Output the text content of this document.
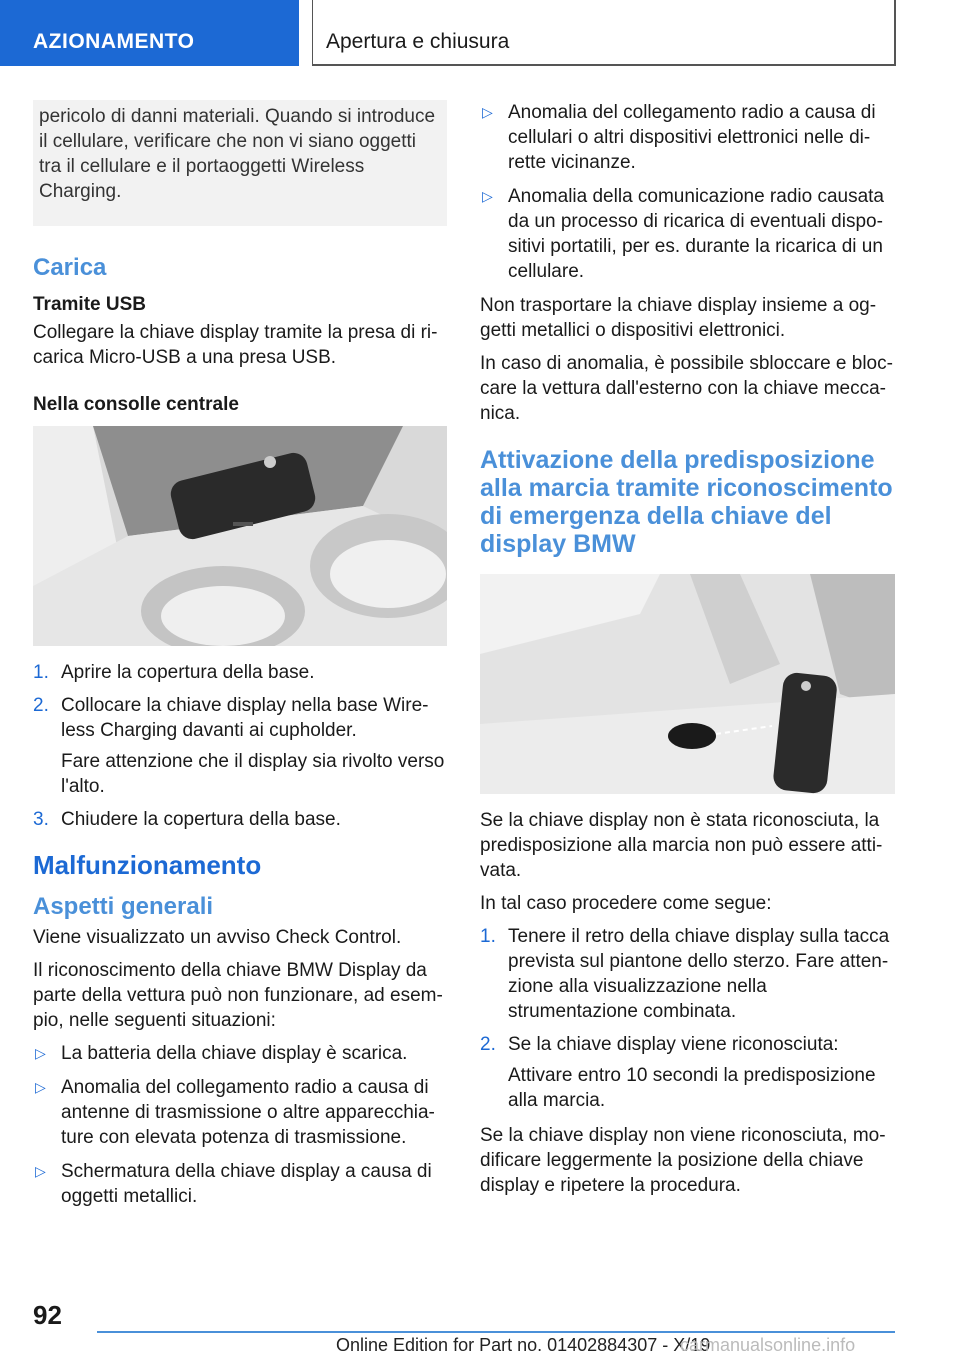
AZIONAMENTO	Apertura e chiusura

pericolo di danni materiali. Quando si introduce il cellulare, verificare che non vi siano oggetti tra il cellulare e il portaoggetti Wireless Charging.

Carica
Tramite USB

Collegare la chiave display tramite la presa di ri-carica Micro-USB a una presa USB.

Nella consolle centrale
1. Aprire la copertura della base.
2. Collocare la chiave display nella base Wire-less Charging davanti ai cupholder.
Fare attenzione che il display sia rivolto verso l'alto.
3. Chiudere la copertura della base.
Malfunzionamento
Aspetti generali

Viene visualizzato un avviso Check Control.

Il riconoscimento della chiave BMW Display da parte della vettura può non funzionare, ad esem-pio, nelle seguenti situazioni:

▷ La batteria della chiave display è scarica.
▷ Anomalia del collegamento radio a causa di antenne di trasmissione o altre apparecchia-ture con elevata potenza di trasmissione.
▷ Schermatura della chiave display a causa di oggetti metallici.
▷ Anomalia del collegamento radio a causa di cellulari o altri dispositivi elettronici nelle di-rette vicinanze.
▷ Anomalia della comunicazione radio causata da un processo di ricarica di eventuali dispo-sitivi portatili, per es. durante la ricarica di un cellulare.

Non trasportare la chiave display insieme a og-getti metallici o dispositivi elettronici.

In caso di anomalia, è possibile sbloccare e bloc-care la vettura dall'esterno con la chiave mecca-nica.

Attivazione della predisposizione alla marcia tramite riconoscimento di emergenza della chiave del display BMW

Se la chiave display non è stata riconosciuta, la predisposizione alla marcia non può essere atti-vata.

In tal caso procedere come segue:

1. Tenere il retro della chiave display sulla tacca prevista sul piantone dello sterzo. Fare atten-zione alla visualizzazione nella strumentazione combinata.
2. Se la chiave display viene riconosciuta:
Attivare entro 10 secondi la predisposizione alla marcia.

Se la chiave display non viene riconosciuta, mo-dificare leggermente la posizione della chiave display e ripetere la procedura.

92
Online Edition for Part no. 01402884307 - X/19
carmanualsonline.info
